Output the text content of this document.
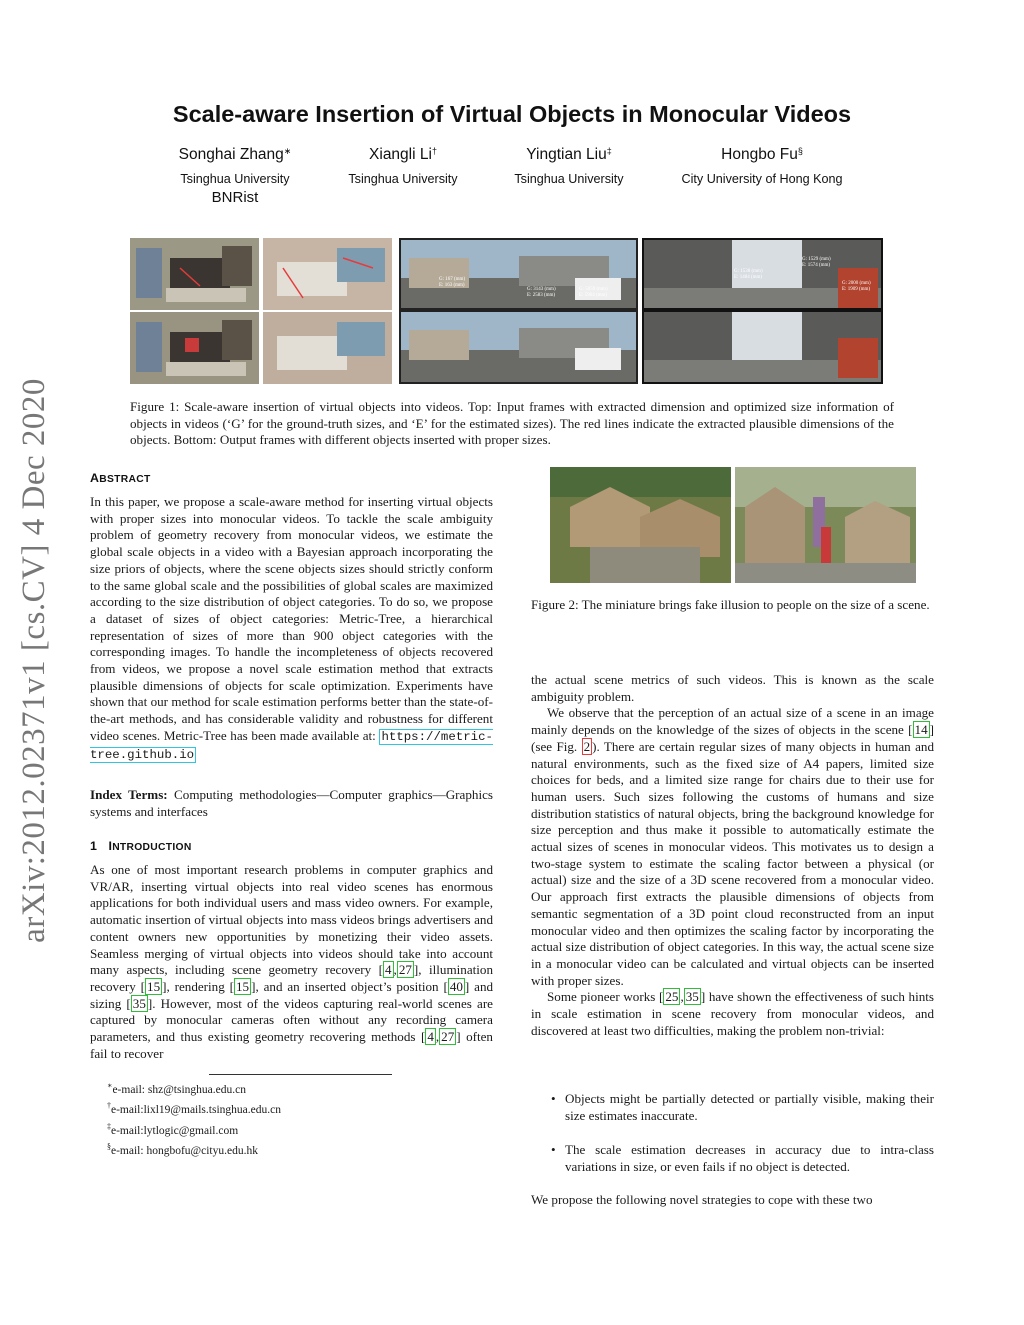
arXiv:2012.02371v1 [cs.CV] 4 Dec 2020
Scale-aware Insertion of Virtual Objects in Monocular Videos
Songhai Zhang∗
Tsinghua University
BNRist
Xiangli Li†
Tsinghua University
Yingtian Liu‡
Tsinghua University
Hongbo Fu§
City University of Hong Kong
G: 167 (mm)
E: 163 (mm)
G: 3143 (mm)
E: 2583 (mm)
G: 5059 (mm)
E: 5964 (mm)
G: 1529 (mm)
E: 1574 (mm)
G: 1538 (mm)
E: 1484 (mm)
G: 2000 (mm)
E: 1909 (mm)
Figure 1: Scale-aware insertion of virtual objects into videos. Top: Input frames with extracted dimension and optimized size information of objects in videos (‘G’ for the ground-truth sizes, and ‘E’ for the estimated sizes). The red lines indicate the extracted plausible dimensions of the objects. Bottom: Output frames with different objects inserted with proper sizes.
Figure 2: The miniature brings fake illusion to people on the size of a scene.
ABSTRACT
In this paper, we propose a scale-aware method for inserting virtual objects with proper sizes into monocular videos. To tackle the scale ambiguity problem of geometry recovery from monocular videos, we estimate the global scale objects in a video with a Bayesian approach incorporating the size priors of objects, where the scene objects sizes should strictly conform to the same global scale and the possibilities of global scales are maximized according to the size distribution of object categories. To do so, we propose a dataset of sizes of object categories: Metric-Tree, a hierarchical representation of sizes of more than 900 object categories with the corresponding images. To handle the incompleteness of objects recovered from videos, we propose a novel scale estimation method that extracts plausible dimensions of objects for scale optimization. Experiments have shown that our method for scale estimation performs better than the state-of-the-art methods, and has considerable validity and robustness for different video scenes. Metric-Tree has been made available at: https://metric-tree.github.io
Index Terms: Computing methodologies—Computer graphics—Graphics systems and interfaces
1 INTRODUCTION
As one of most important research problems in computer graphics and VR/AR, inserting virtual objects into real video scenes has enormous applications for both individual users and mass video owners. For example, automatic insertion of virtual objects into mass videos brings advertisers and content owners new opportunities by monetizing their video assets. Seamless merging of virtual objects into videos should take into account many aspects, including scene geometry recovery [ 4 , 27 ], illumination recovery [ 15 ], rendering [ 15 ], and an inserted object’s position [ 40 ] and sizing [ 35 ]. However, most of the videos capturing real-world scenes are captured by monocular cameras often without any recording camera parameters, and thus existing geometry recovering methods [ 4 , 27 ] often fail to recover
∗e-mail: shz@tsinghua.edu.cn
†e-mail:lixl19@mails.tsinghua.edu.cn
‡e-mail:lytlogic@gmail.com
§e-mail: hongbofu@cityu.edu.hk

the actual scene metrics of such videos. This is known as the scale ambiguity problem.

We observe that the perception of an actual size of a scene in an image mainly depends on the knowledge of the sizes of objects in the scene [ 14 ] (see Fig. 2 ). There are certain regular sizes of many objects in human and natural environments, such as the fixed size of A4 papers, limited size choices for beds, and a limited size range for chairs due to their use for human users. Such sizes following the customs of humans and size distribution statistics of natural objects, bring the background knowledge for size perception and thus make it possible to automatically estimate the actual sizes of scenes in monocular videos. This motivates us to design a two-stage system to estimate the scaling factor between a physical (or actual) size and the size of a 3D scene recovered from a monocular video. Our approach first extracts the plausible dimensions of objects from semantic segmentation of a 3D point cloud reconstructed from an input monocular video and then optimizes the scaling factor by incorporating the actual size distribution of object categories. In this way, the actual scene size in a monocular video can be calculated and virtual objects can be inserted with proper sizes.

Some pioneer works [ 25 , 35 ] have shown the effectiveness of such hints in scale estimation in scene recovery from monocular videos, and discovered at least two difficulties, making the problem non-trivial:

• Objects might be partially detected or partially visible, making their size estimates inaccurate.
• The scale estimation decreases in accuracy due to intra-class variations in size, or even fails if no object is detected.
We propose the following novel strategies to cope with these two
